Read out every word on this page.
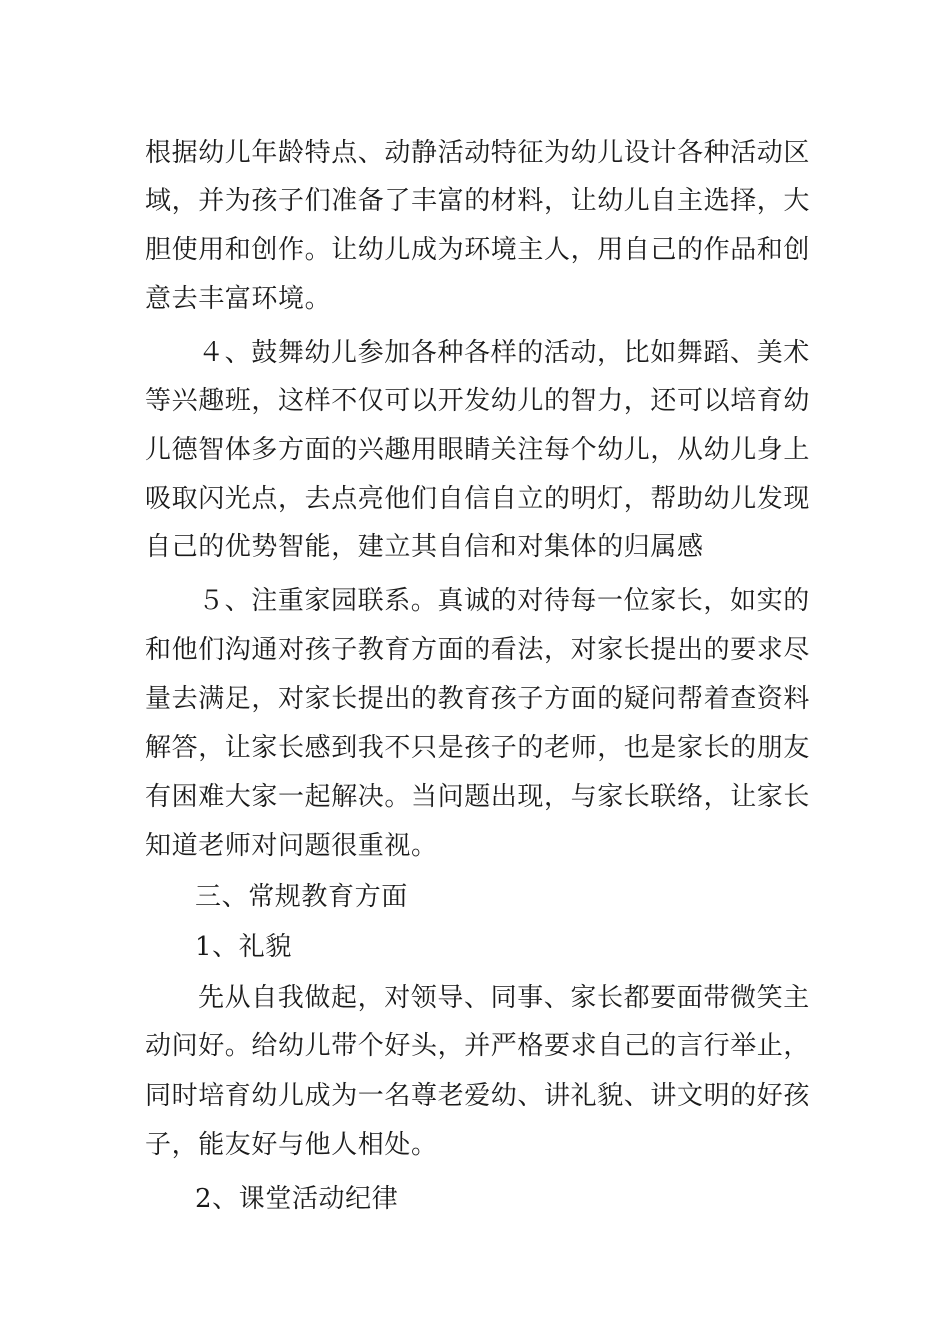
根据幼儿年龄特点、动静活动特征为幼儿设计各种活动区
域，并为孩子们准备了丰富的材料，让幼儿自主选择，大
胆使用和创作。让幼儿成为环境主人，用自己的作品和创
意去丰富环境。
４、鼓舞幼儿参加各种各样的活动，比如舞蹈、美术
等兴趣班，这样不仅可以开发幼儿的智力，还可以培育幼
儿德智体多方面的兴趣用眼睛关注每个幼儿，从幼儿身上
吸取闪光点，去点亮他们自信自立的明灯，帮助幼儿发现
自己的优势智能，建立其自信和对集体的归属感
５、注重家园联系。真诚的对待每一位家长，如实的
和他们沟通对孩子教育方面的看法，对家长提出的要求尽
量去满足，对家长提出的教育孩子方面的疑问帮着查资料
解答，让家长感到我不只是孩子的老师，也是家长的朋友
有困难大家一起解决。当问题出现，与家长联络，让家长
知道老师对问题很重视。
三、常规教育方面
1、礼貌
先从自我做起，对领导、同事、家长都要面带微笑主
动问好。给幼儿带个好头，并严格要求自己的言行举止，
同时培育幼儿成为一名尊老爱幼、讲礼貌、讲文明的好孩
子，能友好与他人相处。
2、课堂活动纪律
